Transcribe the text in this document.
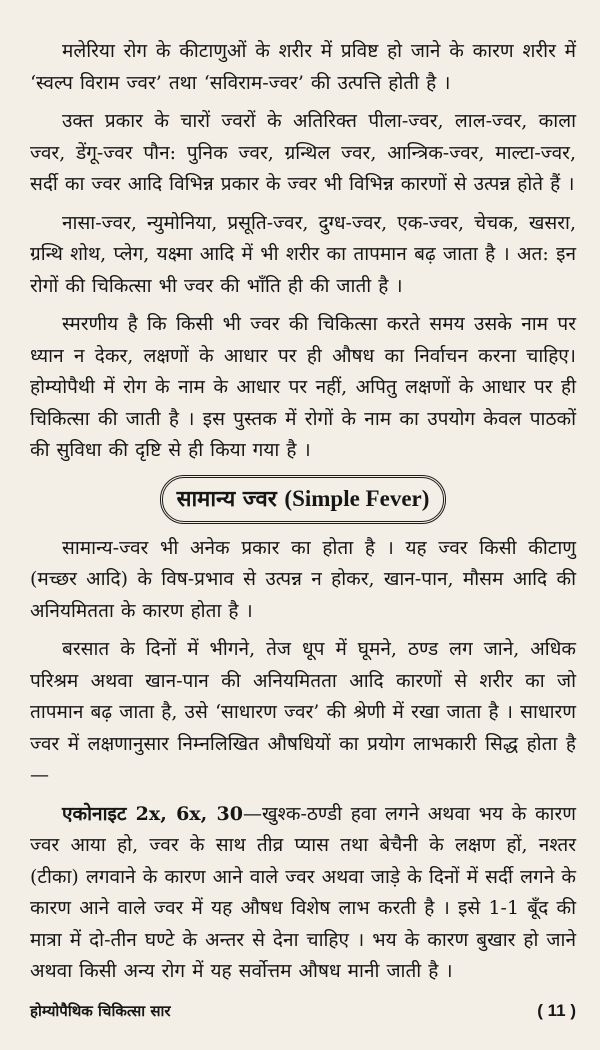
मलेरिया रोग के कीटाणुओं के शरीर में प्रविष्ट हो जाने के कारण शरीर में ‘स्वल्प विराम ज्वर’ तथा ‘सविराम-ज्वर’ की उत्पत्ति होती है ।

उक्त प्रकार के चारों ज्वरों के अतिरिक्त पीला-ज्वर, लाल-ज्वर, काला ज्वर, डेंगू-ज्वर पौन: पुनिक ज्वर, ग्रन्थिल ज्वर, आन्त्रिक-ज्वर, माल्टा-ज्वर, सर्दी का ज्वर आदि विभिन्न प्रकार के ज्वर भी विभिन्न कारणों से उत्पन्न होते हैं ।

नासा-ज्वर, न्युमोनिया, प्रसूति-ज्वर, दुग्ध-ज्वर, एक-ज्वर, चेचक, खसरा, ग्रन्थि शोथ, प्लेग, यक्ष्मा आदि में भी शरीर का तापमान बढ़ जाता है । अत: इन रोगों की चिकित्सा भी ज्वर की भाँति ही की जाती है ।

स्मरणीय है कि किसी भी ज्वर की चिकित्सा करते समय उसके नाम पर ध्यान न देकर, लक्षणों के आधार पर ही औषध का निर्वाचन करना चाहिए। होम्योपैथी में रोग के नाम के आधार पर नहीं, अपितु लक्षणों के आधार पर ही चिकित्सा की जाती है । इस पुस्तक में रोगों के नाम का उपयोग केवल पाठकों की सुविधा की दृष्टि से ही किया गया है ।

सामान्य ज्वर (Simple Fever)

सामान्य-ज्वर भी अनेक प्रकार का होता है । यह ज्वर किसी कीटाणु (मच्छर आदि) के विष-प्रभाव से उत्पन्न न होकर, खान-पान, मौसम आदि की अनियमितता के कारण होता है ।

बरसात के दिनों में भीगने, तेज धूप में घूमने, ठण्ड लग जाने, अधिक परिश्रम अथवा खान-पान की अनियमितता आदि कारणों से शरीर का जो तापमान बढ़ जाता है, उसे ‘साधारण ज्वर’ की श्रेणी में रखा जाता है । साधारण ज्वर में लक्षणानुसार निम्नलिखित औषधियों का प्रयोग लाभकारी सिद्ध होता है—

एकोनाइट 2x, 6x, 30—खुश्क-ठण्डी हवा लगने अथवा भय के कारण ज्वर आया हो, ज्वर के साथ तीव्र प्यास तथा बेचैनी के लक्षण हों, नश्तर (टीका) लगवाने के कारण आने वाले ज्वर अथवा जाड़े के दिनों में सर्दी लगने के कारण आने वाले ज्वर में यह औषध विशेष लाभ करती है । इसे 1-1 बूँद की मात्रा में दो-तीन घण्टे के अन्तर से देना चाहिए । भय के कारण बुखार हो जाने अथवा किसी अन्य रोग में यह सर्वोत्तम औषध मानी जाती है ।

होम्योपैथिक चिकित्सा सार	( 11 )
